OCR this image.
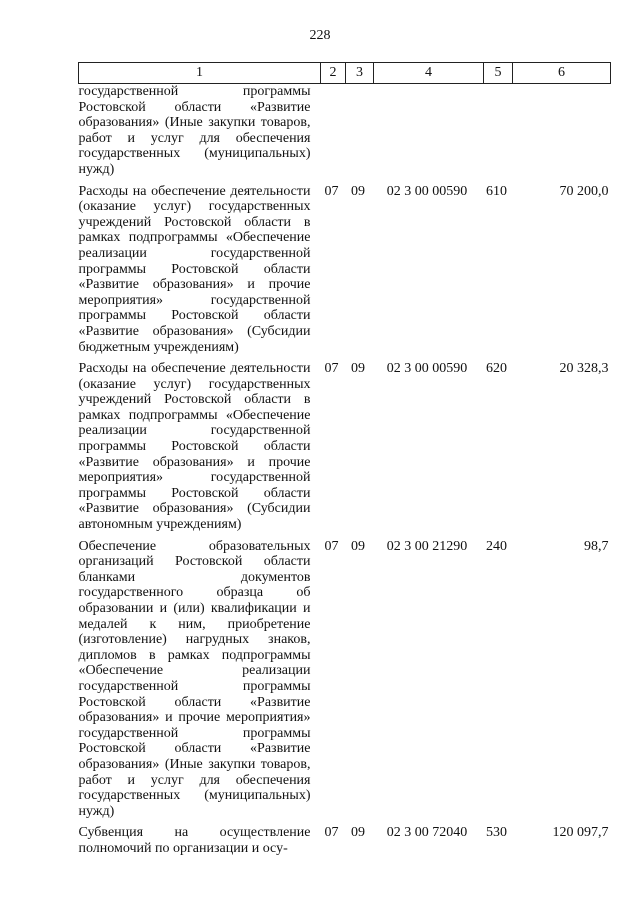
228
1	2	3	4	5	6
государственной программы Ростовской области «Развитие образования» (Иные закупки товаров, работ и услуг для обеспечения государственных (муниципальных) нужд)					
Расходы на обеспечение деятельности (оказание услуг) государственных учреждений Ростовской области в рамках подпрограммы «Обеспечение реализации государственной программы Ростовской области «Развитие образования» и прочие мероприятия» государственной программы Ростовской области «Развитие образования» (Субсидии бюджетным учреждениям)	07	09	02 3 00 00590	610	70 200,0
Расходы на обеспечение деятельности (оказание услуг) государственных учреждений Ростовской области в рамках подпрограммы «Обеспечение реализации государственной программы Ростовской области «Развитие образования» и прочие мероприятия» государственной программы Ростовской области «Развитие образования» (Субсидии автономным учреждениям)	07	09	02 3 00 00590	620	20 328,3
Обеспечение образовательных организаций Ростовской области бланками документов государственного образца об образовании и (или) квалификации и медалей к ним, приобретение (изготовление) нагрудных знаков, дипломов в рамках подпрограммы «Обеспечение реализации государственной программы Ростовской области «Развитие образования» и прочие мероприятия» государственной программы Ростовской области «Развитие образования» (Иные закупки товаров, работ и услуг для обеспечения государственных (муниципальных) нужд)	07	09	02 3 00 21290	240	98,7
Субвенция на осуществление полномочий по организации и осу-	07	09	02 3 00 72040	530	120 097,7
